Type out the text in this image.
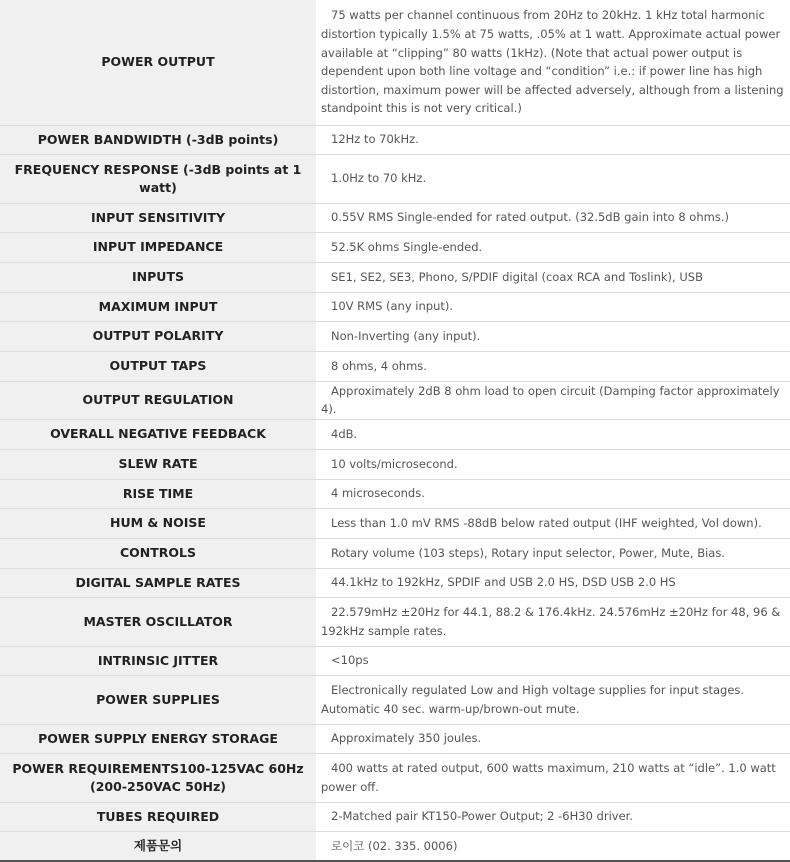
POWER OUTPUT	75 watts per channel continuous from 20Hz to 20kHz. 1 kHz total harmonic distortion typically 1.5% at 75 watts, .05% at 1 watt. Approximate actual power available at “clipping” 80 watts (1kHz). (Note that actual power output is dependent upon both line voltage and “condition” i.e.: if power line has high distortion, maximum power will be affected adversely, although from a listening standpoint this is not very critical.)
POWER BANDWIDTH (-3dB points)	12Hz to 70kHz.
FREQUENCY RESPONSE (-3dB points at 1 watt)	1.0Hz to 70 kHz.
INPUT SENSITIVITY	0.55V RMS Single-ended for rated output. (32.5dB gain into 8 ohms.)
INPUT IMPEDANCE	52.5K ohms Single-ended.
INPUTS	SE1, SE2, SE3, Phono, S/PDIF digital (coax RCA and Toslink), USB
MAXIMUM INPUT	10V RMS (any input).
OUTPUT POLARITY	Non-Inverting (any input).
OUTPUT TAPS	8 ohms, 4 ohms.
OUTPUT REGULATION	Approximately 2dB 8 ohm load to open circuit (Damping factor approximately 4).
OVERALL NEGATIVE FEEDBACK	4dB.
SLEW RATE	10 volts/microsecond.
RISE TIME	4 microseconds.
HUM & NOISE	Less than 1.0 mV RMS -88dB below rated output (IHF weighted, Vol down).
CONTROLS	Rotary volume (103 steps), Rotary input selector, Power, Mute, Bias.
DIGITAL SAMPLE RATES	44.1kHz to 192kHz, SPDIF and USB 2.0 HS, DSD USB 2.0 HS
MASTER OSCILLATOR	22.579mHz ±20Hz for 44.1, 88.2 & 176.4kHz. 24.576mHz ±20Hz for 48, 96 & 192kHz sample rates.
INTRINSIC JITTER	<10ps
POWER SUPPLIES	Electronically regulated Low and High voltage supplies for input stages. Automatic 40 sec. warm-up/brown-out mute.
POWER SUPPLY ENERGY STORAGE	Approximately 350 joules.
POWER REQUIREMENTS100-125VAC 60Hz (200-250VAC 50Hz)	400 watts at rated output, 600 watts maximum, 210 watts at “idle”. 1.0 watt power off.
TUBES REQUIRED	2-Matched pair KT150-Power Output; 2 -6H30 driver.
제품문의	로이코 (02. 335. 0006)
